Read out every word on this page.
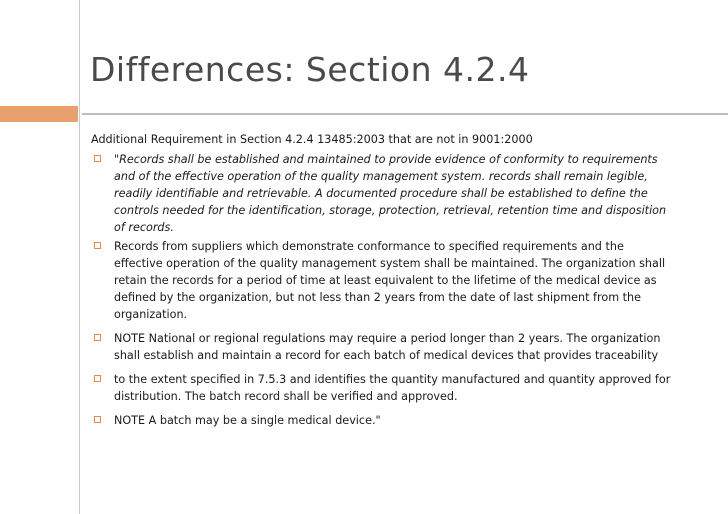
Differences: Section 4.2.4

Additional Requirement in Section 4.2.4 13485:2003 that are not in 9001:2000

"Records shall be established and maintained to provide evidence of conformity to requirements and of the effective operation of the quality management system. records shall remain legible, readily identifiable and retrievable. A documented procedure shall be established to define the controls needed for the identification, storage, protection, retrieval, retention time and disposition of records.
Records from suppliers which demonstrate conformance to specified requirements and the effective operation of the quality management system shall be maintained. The organization shall retain the records for a period of time at least equivalent to the lifetime of the medical device as defined by the organization, but not less than 2 years from the date of last shipment from the organization.
NOTE National or regional regulations may require a period longer than 2 years. The organization shall establish and maintain a record for each batch of medical devices that provides traceability
to the extent specified in 7.5.3 and identifies the quantity manufactured and quantity approved for distribution. The batch record shall be verified and approved.
NOTE A batch may be a single medical device."
